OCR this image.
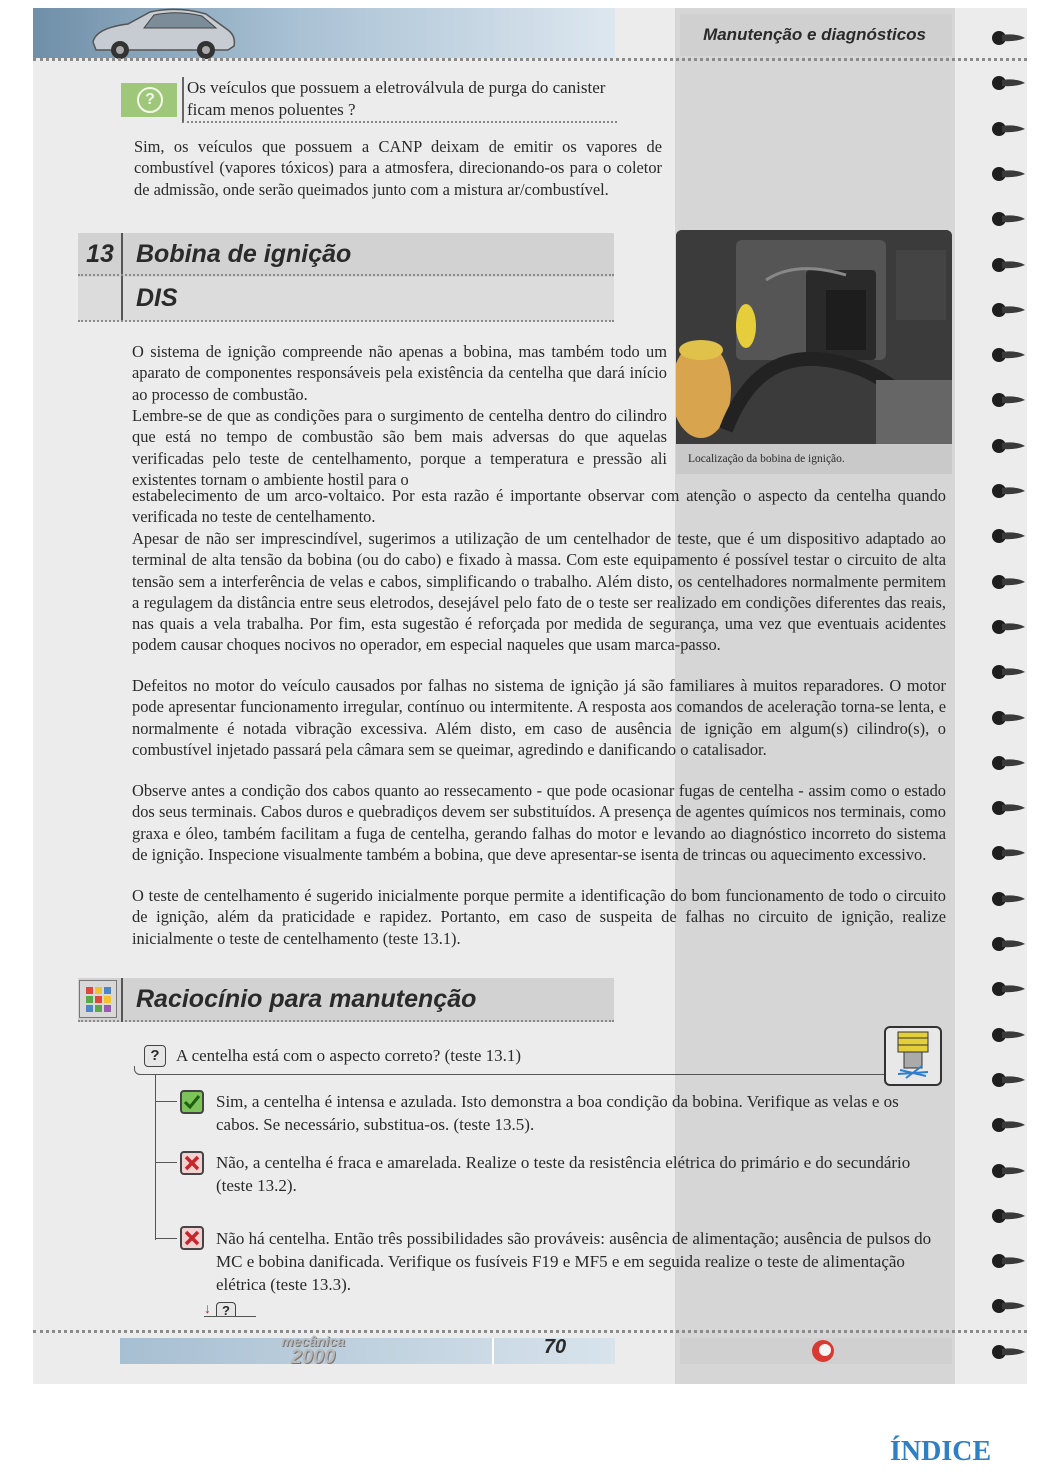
Manutenção e diagnósticos
?
Os veículos que possuem a eletroválvula de purga do canister ficam menos poluentes ?

Sim, os veículos que possuem a CANP deixam de emitir os vapores de combustível (vapores tóxicos) para a atmosfera, direcionando-os para o coletor de admissão, onde serão queimados junto com a mistura ar/combustível.

13 Bobina de ignição
DIS
Localização da bobina de ignição.

O sistema de ignição compreende não apenas a bobina, mas também todo um aparato de componentes responsáveis pela existência da centelha que dará início ao processo de combustão.

Lembre-se de que as condições para o surgimento de centelha dentro do cilindro que está no tempo de combustão são bem mais adversas do que aquelas verificadas pelo teste de centelhamento, porque a temperatura e pressão ali existentes tornam o ambiente hostil para o

estabelecimento de um arco-voltaico. Por esta razão é importante observar com atenção o aspecto da centelha quando verificada no teste de centelhamento.

Apesar de não ser imprescindível, sugerimos a utilização de um centelhador de teste, que é um dispositivo adaptado ao terminal de alta tensão da bobina (ou do cabo) e fixado à massa. Com este equipamento é possível testar o circuito de alta tensão sem a interferência de velas e cabos, simplificando o trabalho. Além disto, os centelhadores normalmente permitem a regulagem da distância entre seus eletrodos, desejável pelo fato de o teste ser realizado em condições diferentes das reais, nas quais a vela trabalha. Por fim, esta sugestão é reforçada por medida de segurança, uma vez que eventuais acidentes podem causar choques nocivos no operador, em especial naqueles que usam marca-passo.

Defeitos no motor do veículo causados por falhas no sistema de ignição já são familiares à muitos reparadores. O motor pode apresentar funcionamento irregular, contínuo ou intermitente. A resposta aos comandos de aceleração torna-se lenta, e normalmente é notada vibração excessiva. Além disto, em caso de ausência de ignição em algum(s) cilindro(s), o combustível injetado passará pela câmara sem se queimar, agredindo e danificando o catalisador.

Observe antes a condição dos cabos quanto ao ressecamento - que pode ocasionar fugas de centelha - assim como o estado dos seus terminais. Cabos duros e quebradiços devem ser substituídos. A presença de agentes químicos nos terminais, como graxa e óleo, também facilitam a fuga de centelha, gerando falhas do motor e levando ao diagnóstico incorreto do sistema de ignição. Inspecione visualmente também a bobina, que deve apresentar-se isenta de trincas ou aquecimento excessivo.

O teste de centelhamento é sugerido inicialmente porque permite a identificação do bom funcionamento de todo o circuito de ignição, além da praticidade e rapidez. Portanto, em caso de suspeita de falhas no circuito de ignição, realize inicialmente o teste de centelhamento (teste 13.1).

Raciocínio para manutenção
? A centelha está com o aspecto correto? (teste 13.1)
Sim, a centelha é intensa e azulada. Isto demonstra a boa condição da bobina. Verifique as velas e os cabos. Se necessário, substitua-os. (teste 13.5).
Não, a centelha é fraca e amarelada. Realize o teste da resistência elétrica do primário e do secundário (teste 13.2).
Não há centelha. Então três possibilidades são prováveis: ausência de alimentação; ausência de pulsos do MC e bobina danificada. Verifique os fusíveis F19 e MF5 e em seguida realize o teste de alimentação elétrica (teste 13.3).
↓ ?
mecânica
2000	70
ÍNDICE
